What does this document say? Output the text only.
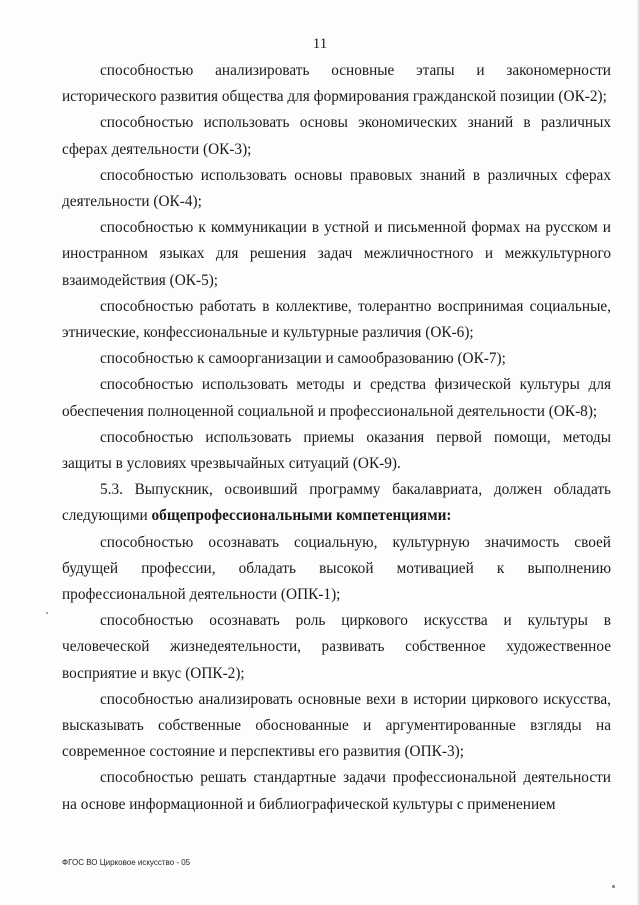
11

способностью анализировать основные этапы и закономерности исторического развития общества для формирования гражданской позиции (ОК-2);

способностью использовать основы экономических знаний в различных сферах деятельности (ОК-3);

способностью использовать основы правовых знаний в различных сферах деятельности (ОК-4);

способностью к коммуникации в устной и письменной формах на русском и иностранном языках для решения задач межличностного и межкультурного взаимодействия (ОК-5);

способностью работать в коллективе, толерантно воспринимая социальные, этнические, конфессиональные и культурные различия (ОК-6);

способностью к самоорганизации и самообразованию (ОК-7);

способностью использовать методы и средства физической культуры для обеспечения полноценной социальной и профессиональной деятельности (ОК-8);

способностью использовать приемы оказания первой помощи, методы защиты в условиях чрезвычайных ситуаций (ОК-9).

5.3. Выпускник, освоивший программу бакалавриата, должен обладать следующими общепрофессиональными компетенциями:

способностью осознавать социальную, культурную значимость своей будущей профессии, обладать высокой мотивацией к выполнению профессиональной деятельности (ОПК-1);

способностью осознавать роль циркового искусства и культуры в человеческой жизнедеятельности, развивать собственное художественное восприятие и вкус (ОПК-2);

способностью анализировать основные вехи в истории циркового искусства, высказывать собственные обоснованные и аргументированные взгляды на современное состояние и перспективы его развития (ОПК-3);

способностью решать стандартные задачи профессиональной деятельности на основе информационной и библиографической культуры с применением

ФГОС ВО Цирковое искусство - 05
